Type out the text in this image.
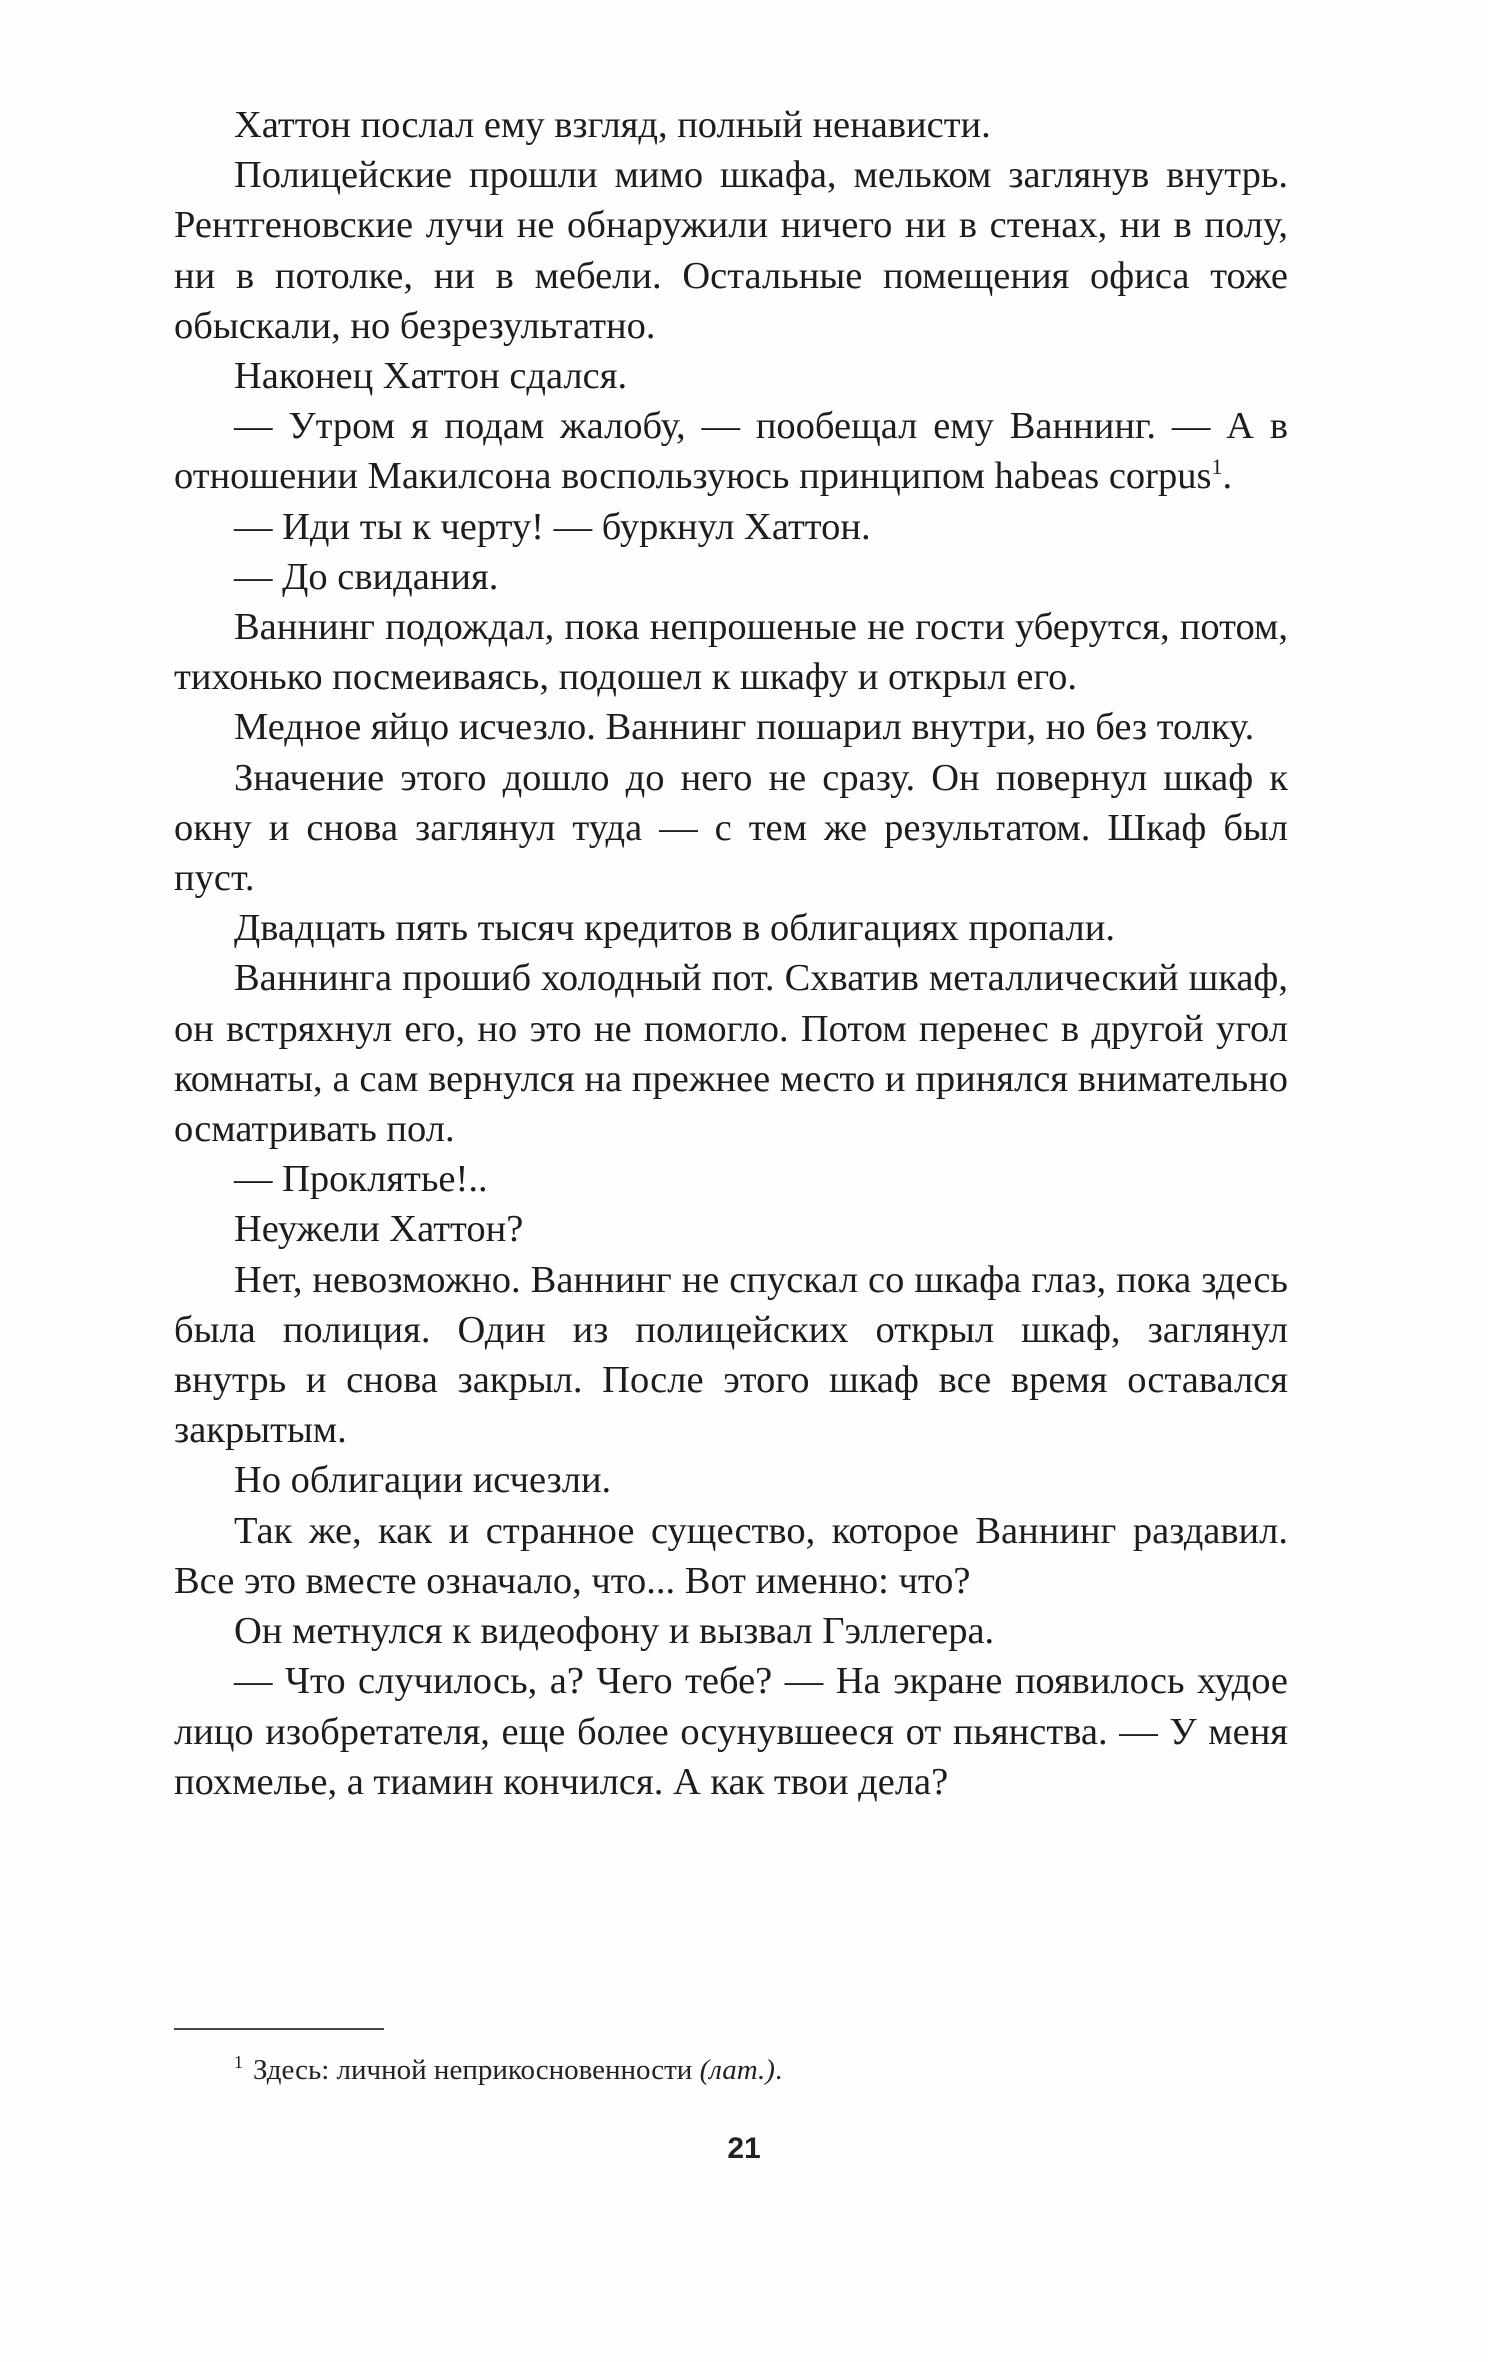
Хаттон послал ему взгляд, полный ненависти.

Полицейские прошли мимо шкафа, мельком заглянув внутрь. Рентгеновские лучи не обнаружили ничего ни в стенах, ни в полу, ни в потолке, ни в мебели. Остальные помещения офиса тоже обыскали, но безрезультатно.

Наконец Хаттон сдался.

— Утром я подам жалобу, — пообещал ему Ваннинг. — А в отношении Макилсона воспользуюсь принципом habeas corpus$^1$.

— Иди ты к черту! — буркнул Хаттон.

— До свидания.

Ваннинг подождал, пока непрошеные не гости уберутся, потом, тихонько посмеиваясь, подошел к шкафу и открыл его.

Медное яйцо исчезло. Ваннинг пошарил внутри, но без толку.

Значение этого дошло до него не сразу. Он повернул шкаф к окну и снова заглянул туда — с тем же результатом. Шкаф был пуст.

Двадцать пять тысяч кредитов в облигациях пропали.

Ваннинга прошиб холодный пот. Схватив металлический шкаф, он встряхнул его, но это не помогло. Потом перенес в другой угол комнаты, а сам вернулся на прежнее место и принялся внимательно осматривать пол.

— Проклятье!..

Неужели Хаттон?

Нет, невозможно. Ваннинг не спускал со шкафа глаз, пока здесь была полиция. Один из полицейских открыл шкаф, заглянул внутрь и снова закрыл. После этого шкаф все время оставался закрытым.

Но облигации исчезли.

Так же, как и странное существо, которое Ваннинг раздавил. Все это вместе означало, что... Вот именно: что?

Он метнулся к видеофону и вызвал Гэллегера.

— Что случилось, а? Чего тебе? — На экране появилось худое лицо изобретателя, еще более осунувшееся от пьянства. — У меня похмелье, а тиамин кончился. А как твои дела?

$^1$ Здесь: личной неприкосновенности (лат.).
21
